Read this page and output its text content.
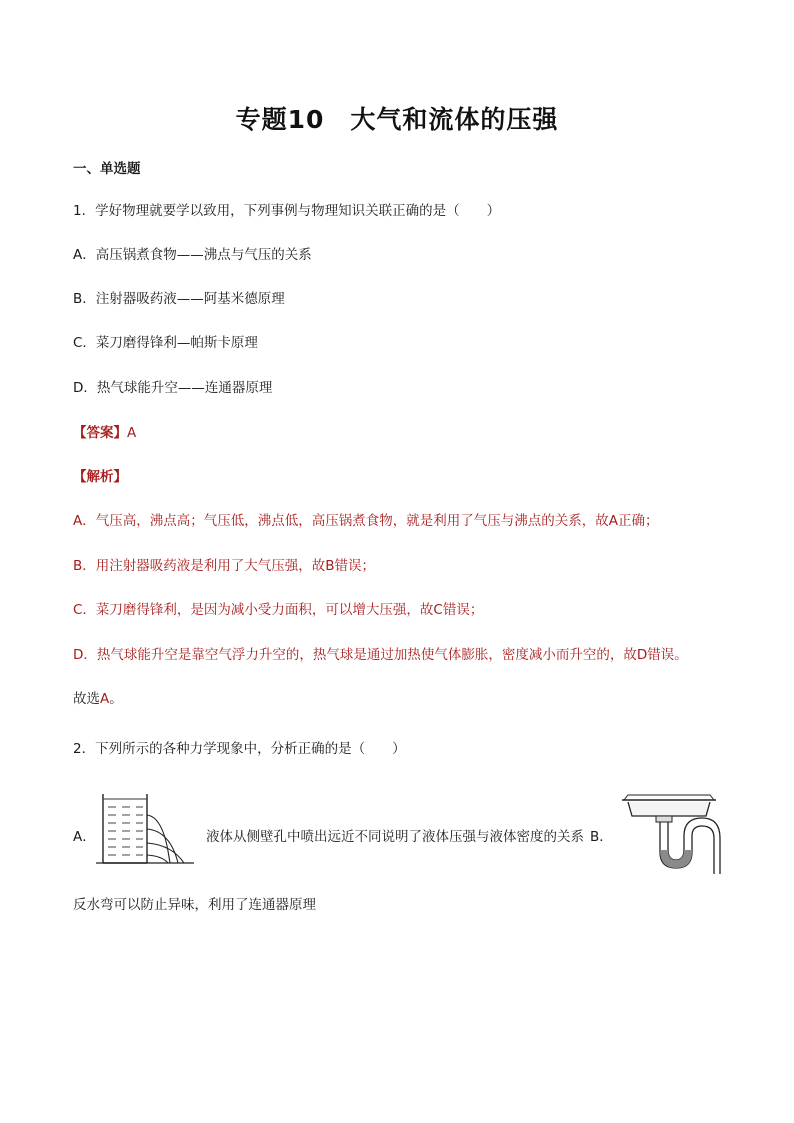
专题10　大气和流体的压强
一、单选题
1．学好物理就要学以致用，下列事例与物理知识关联正确的是（　　）
A．高压锅煮食物——沸点与气压的关系
B．注射器吸药液——阿基米德原理
C．菜刀磨得锋利—帕斯卡原理
D．热气球能升空——连通器原理
【答案】A
【解析】
A．气压高，沸点高；气压低，沸点低，高压锅煮食物，就是利用了气压与沸点的关系，故A正确；
B．用注射器吸药液是利用了大气压强，故B错误；
C．菜刀磨得锋利，是因为减小受力面积，可以增大压强，故C错误；
D．热气球能升空是靠空气浮力升空的，热气球是通过加热使气体膨胀，密度减小而升空的，故D错误。
故选A。
2．下列所示的各种力学现象中，分析正确的是（　　）
A．	液体从侧壁孔中喷出远近不同说明了液体压强与液体密度的关系 B．
反水弯可以防止异味，利用了连通器原理
